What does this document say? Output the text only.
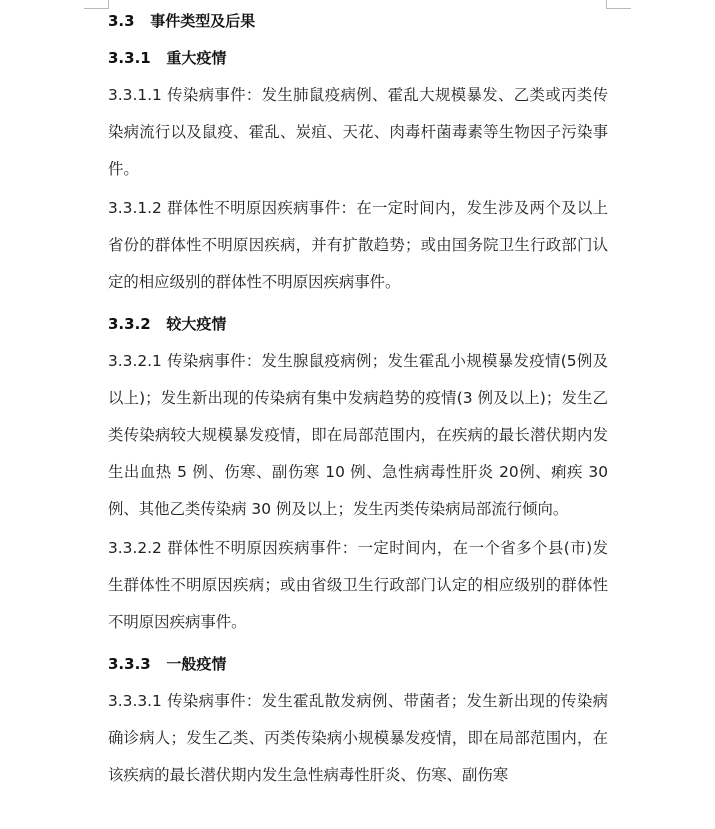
3.3   事件类型及后果
3.3.1   重大疫情
3.3.1.1 传染病事件：发生肺鼠疫病例、霍乱大规模暴发、乙类或丙类传染病流行以及鼠疫、霍乱、炭疽、天花、肉毒杆菌毒素等生物因子污染事件。
3.3.1.2 群体性不明原因疾病事件：在一定时间内，发生涉及两个及以上省份的群体性不明原因疾病，并有扩散趋势；或由国务院卫生行政部门认定的相应级别的群体性不明原因疾病事件。
3.3.2   较大疫情
3.3.2.1 传染病事件：发生腺鼠疫病例；发生霍乱小规模暴发疫情(5例及以上)；发生新出现的传染病有集中发病趋势的疫情(3 例及以上)；发生乙类传染病较大规模暴发疫情，即在局部范围内，在疾病的最长潜伏期内发生出血热 5 例、伤寒、副伤寒 10 例、急性病毒性肝炎 20例、痢疾 30 例、其他乙类传染病 30 例及以上；发生丙类传染病局部流行倾向。
3.3.2.2 群体性不明原因疾病事件：一定时间内，在一个省多个县(市)发生群体性不明原因疾病；或由省级卫生行政部门认定的相应级别的群体性不明原因疾病事件。
3.3.3   一般疫情
3.3.3.1 传染病事件：发生霍乱散发病例、带菌者；发生新出现的传染病确诊病人；发生乙类、丙类传染病小规模暴发疫情，即在局部范围内，在该疾病的最长潜伏期内发生急性病毒性肝炎、伤寒、副伤寒
